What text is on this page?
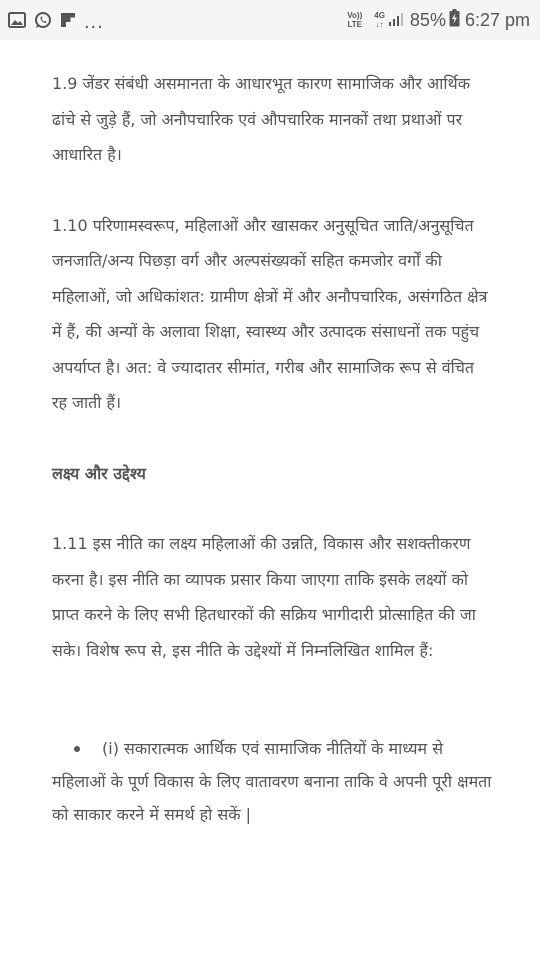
...	Vo))
LTE
4G
↓↑ 85% 6:27 pm

1.9 जेंडर संबंधी असमानता के आधारभूत कारण सामाजिक और आर्थिक ढांचे से जुड़े हैं, जो अनौपचारिक एवं औपचारिक मानकों तथा प्रथाओं पर आधारित है।

1.10 परिणामस्वरूप, महिलाओं और खासकर अनुसूचित जाति/अनुसूचित जनजाति/अन्य पिछड़ा वर्ग और अल्पसंख्यकों सहित कमजोर वर्गों की महिलाओं, जो अधिकांशत: ग्रामीण क्षेत्रों में और अनौपचारिक, असंगठित क्षेत्र में हैं, की अन्यों के अलावा शिक्षा, स्वास्थ्य और उत्पादक संसाधनों तक पहुंच अपर्याप्त है। अत: वे ज्यादातर सीमांत, गरीब और सामाजिक रूप से वंचित रह जाती हैं।

लक्ष्य और उद्देश्य

1.11 इस नीति का लक्ष्य महिलाओं की उन्नति, विकास और सशक्तीकरण करना है। इस नीति का व्यापक प्रसार किया जाएगा ताकि इसके लक्ष्यों को प्राप्त करने के लिए सभी हितधारकों की सक्रिय भागीदारी प्रोत्साहित की जा सके। विशेष रूप से, इस नीति के उद्देश्यों में निम्नलिखित शामिल हैं:

(i) सकारात्मक आर्थिक एवं सामाजिक नीतियों के माध्यम से महिलाओं के पूर्ण विकास के लिए वातावरण बनाना ताकि वे अपनी पूरी क्षमता को साकार करने में समर्थ हो सकें |
